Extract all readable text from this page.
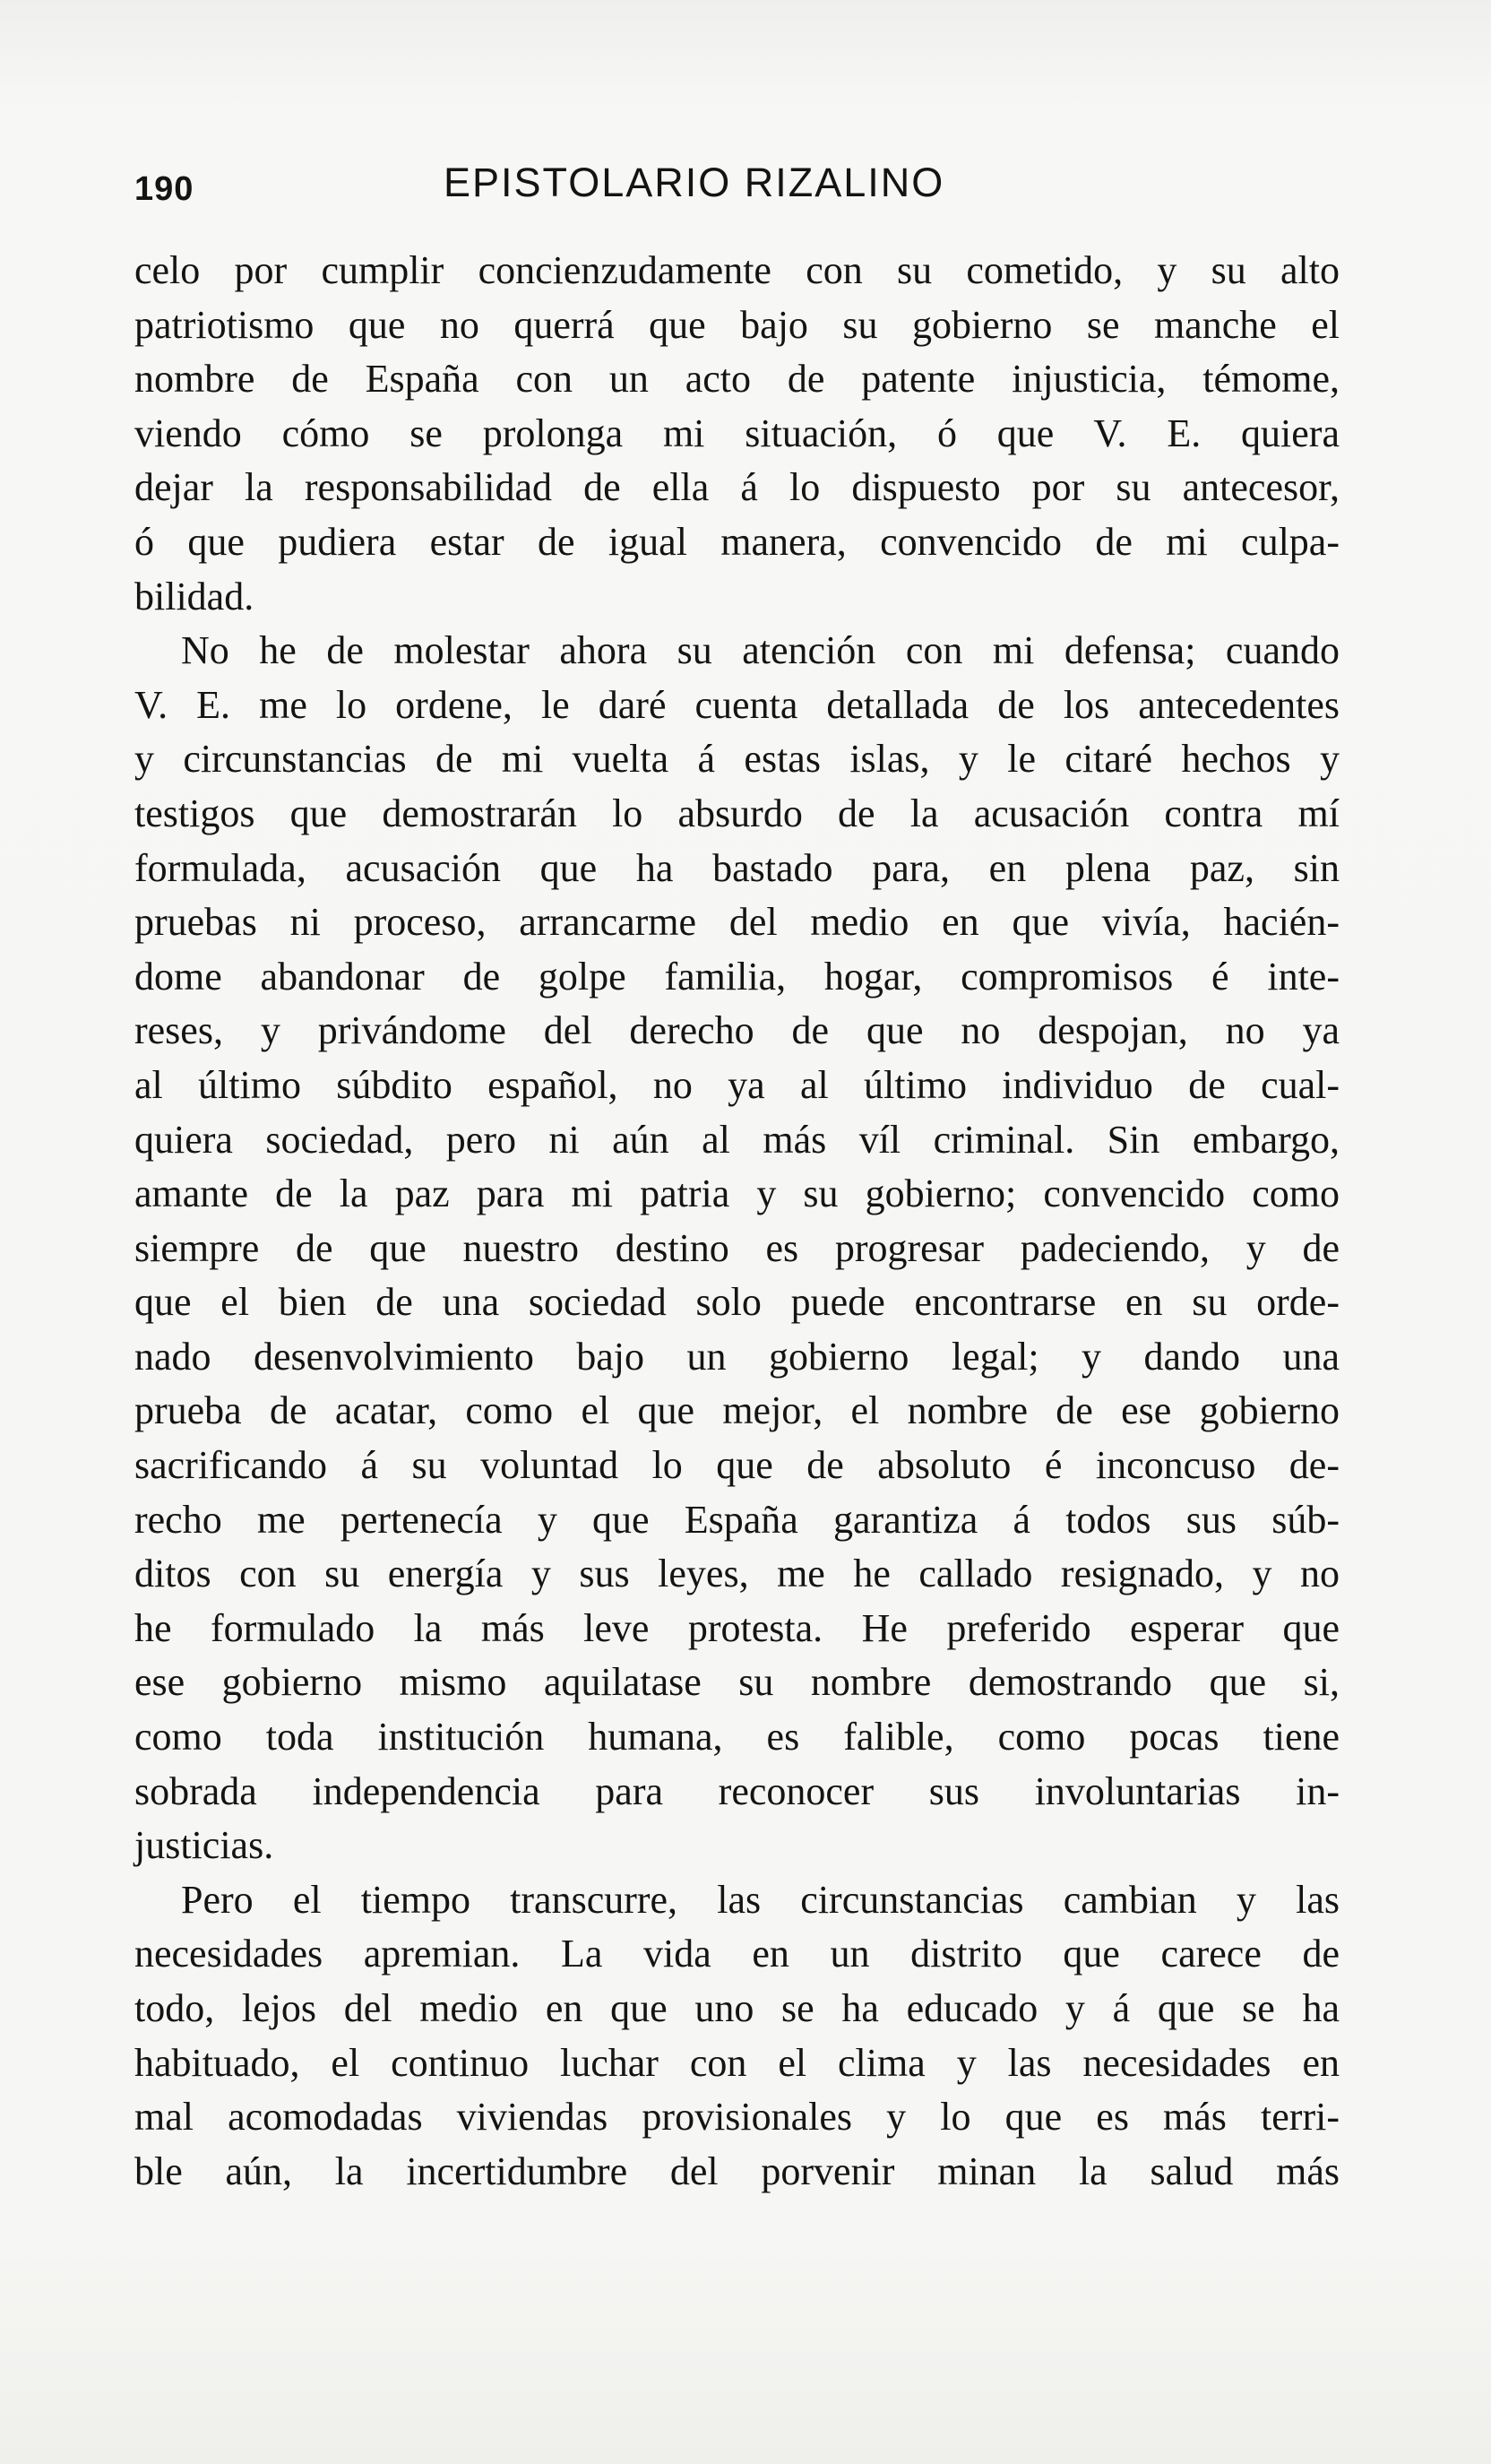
190	EPISTOLARIO RIZALINO
celo por cumplir concienzudamente con su cometido, y su alto
patriotismo que no querrá que bajo su gobierno se manche el
nombre de España con un acto de patente injusticia, témome,
viendo cómo se prolonga mi situación, ó que V. E. quiera
dejar la responsabilidad de ella á lo dispuesto por su antecesor,
ó que pudiera estar de igual manera, convencido de mi culpa-
bilidad.
No he de molestar ahora su atención con mi defensa; cuando
V. E. me lo ordene, le daré cuenta detallada de los antecedentes
y circunstancias de mi vuelta á estas islas, y le citaré hechos y
testigos que demostrarán lo absurdo de la acusación contra mí
formulada, acusación que ha bastado para, en plena paz, sin
pruebas ni proceso, arrancarme del medio en que vivía, hacién-
dome abandonar de golpe familia, hogar, compromisos é inte-
reses, y privándome del derecho de que no despojan, no ya
al último súbdito español, no ya al último individuo de cual-
quiera sociedad, pero ni aún al más víl criminal. Sin embargo,
amante de la paz para mi patria y su gobierno; convencido como
siempre de que nuestro destino es progresar padeciendo, y de
que el bien de una sociedad solo puede encontrarse en su orde-
nado desenvolvimiento bajo un gobierno legal; y dando una
prueba de acatar, como el que mejor, el nombre de ese gobierno
sacrificando á su voluntad lo que de absoluto é inconcuso de-
recho me pertenecía y que España garantiza á todos sus súb-
ditos con su energía y sus leyes, me he callado resignado, y no
he formulado la más leve protesta. He preferido esperar que
ese gobierno mismo aquilatase su nombre demostrando que si,
como toda institución humana, es falible, como pocas tiene
sobrada independencia para reconocer sus involuntarias in-
justicias.
Pero el tiempo transcurre, las circunstancias cambian y las
necesidades apremian. La vida en un distrito que carece de
todo, lejos del medio en que uno se ha educado y á que se ha
habituado, el continuo luchar con el clima y las necesidades en
mal acomodadas viviendas provisionales y lo que es más terri-
ble aún, la incertidumbre del porvenir minan la salud más
